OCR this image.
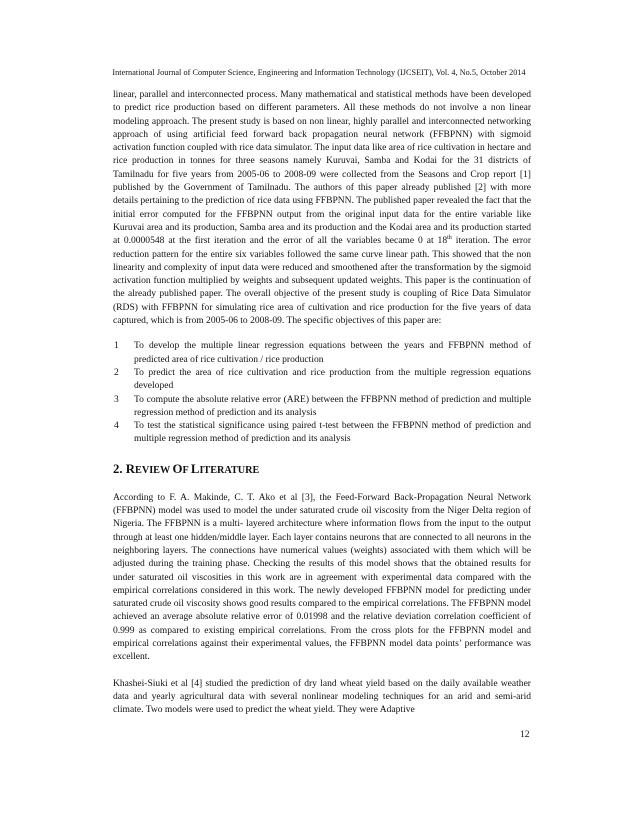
International Journal of Computer Science, Engineering and Information Technology (IJCSEIT), Vol. 4, No.5, October 2014

linear, parallel and interconnected process. Many mathematical and statistical methods have been developed to predict rice production based on different parameters. All these methods do not involve a non linear modeling approach. The present study is based on non linear, highly parallel and interconnected networking approach of using artificial feed forward back propagation neural network (FFBPNN) with sigmoid activation function coupled with rice data simulator. The input data like area of rice cultivation in hectare and rice production in tonnes for three seasons namely Kuruvai, Samba and Kodai for the 31 districts of Tamilnadu for five years from 2005-06 to 2008-09 were collected from the Seasons and Crop report [1] published by the Government of Tamilnadu. The authors of this paper already published [2] with more details pertaining to the prediction of rice data using FFBPNN. The published paper revealed the fact that the initial error computed for the FFBPNN output from the original input data for the entire variable like Kuruvai area and its production, Samba area and its production and the Kodai area and its production started at 0.0000548 at the first iteration and the error of all the variables became 0 at 18th iteration. The error reduction pattern for the entire six variables followed the same curve linear path. This showed that the non linearity and complexity of input data were reduced and smoothened after the transformation by the sigmoid activation function multiplied by weights and subsequent updated weights. This paper is the continuation of the already published paper. The overall objective of the present study is coupling of Rice Data Simulator (RDS) with FFBPNN for simulating rice area of cultivation and rice production for the five years of data captured, which is from 2005-06 to 2008-09. The specific objectives of this paper are:

1	To develop the multiple linear regression equations between the years and FFBPNN method of predicted area of rice cultivation / rice production
2	To predict the area of rice cultivation and rice production from the multiple regression equations developed
3	To compute the absolute relative error (ARE) between the FFBPNN method of prediction and multiple regression method of prediction and its analysis
4	To test the statistical significance using paired t-test between the FFBPNN method of prediction and multiple regression method of prediction and its analysis
2. REVIEW OF LITERATURE

According to F. A. Makinde, C. T. Ako et al [3], the Feed-Forward Back-Propagation Neural Network (FFBPNN) model was used to model the under saturated crude oil viscosity from the Niger Delta region of Nigeria. The FFBPNN is a multi- layered architecture where information flows from the input to the output through at least one hidden/middle layer. Each layer contains neurons that are connected to all neurons in the neighboring layers. The connections have numerical values (weights) associated with them which will be adjusted during the training phase. Checking the results of this model shows that the obtained results for under saturated oil viscosities in this work are in agreement with experimental data compared with the empirical correlations considered in this work. The newly developed FFBPNN model for predicting under saturated crude oil viscosity shows good results compared to the empirical correlations. The FFBPNN model achieved an average absolute relative error of 0.01998 and the relative deviation correlation coefficient of 0.999 as compared to existing empirical correlations. From the cross plots for the FFBPNN model and empirical correlations against their experimental values, the FFBPNN model data points’ performance was excellent.

Khashei-Siuki et al [4] studied the prediction of dry land wheat yield based on the daily available weather data and yearly agricultural data with several nonlinear modeling techniques for an arid and semi-arid climate. Two models were used to predict the wheat yield. They were Adaptive

12
